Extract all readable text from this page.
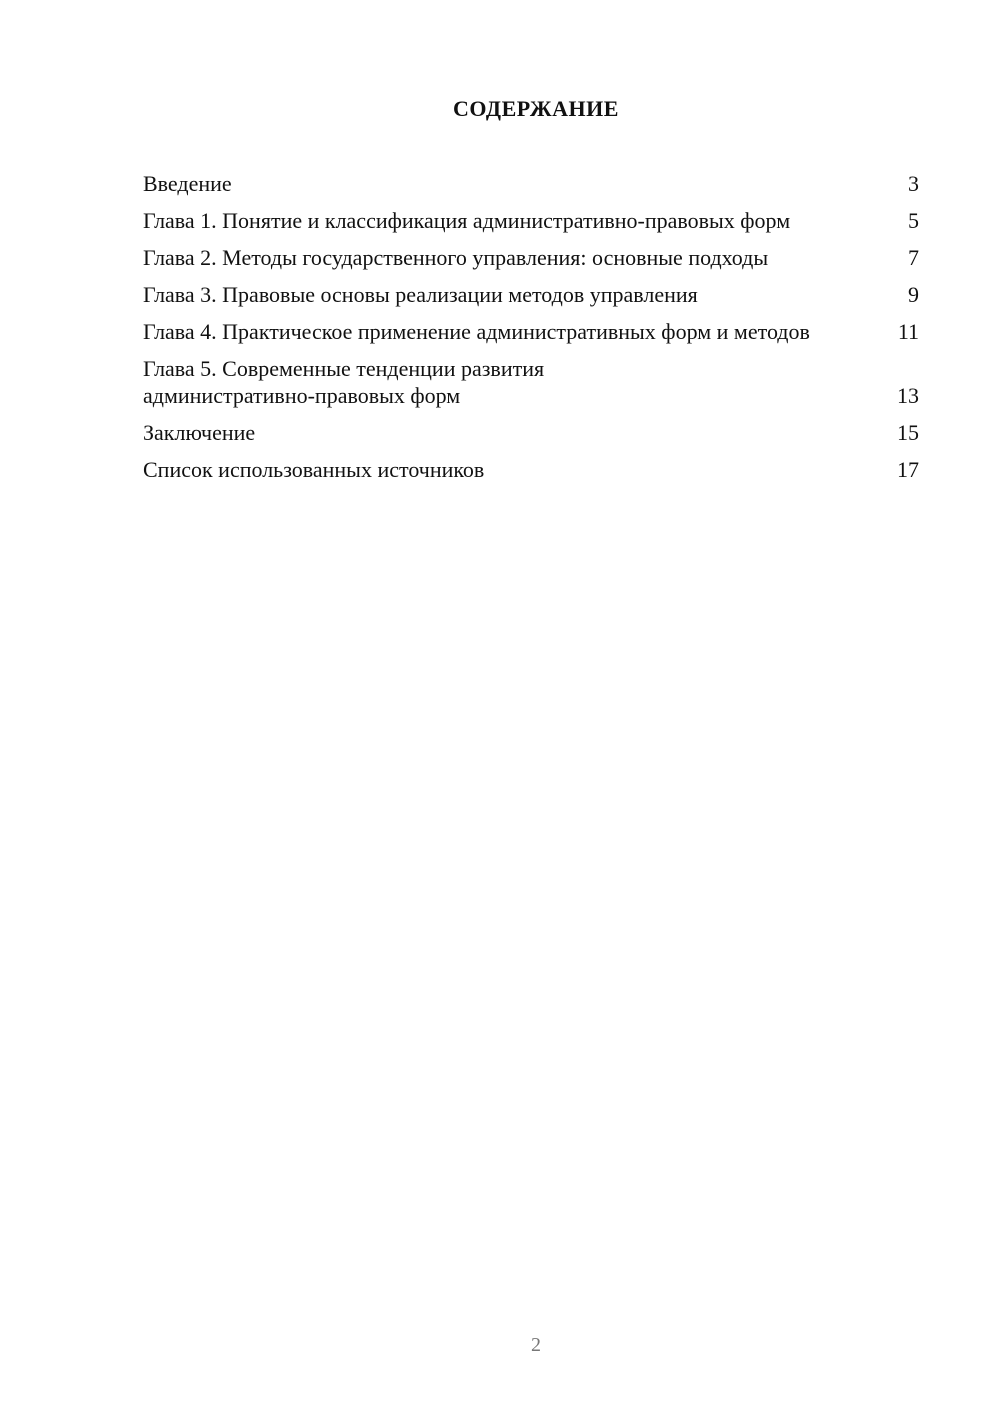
СОДЕРЖАНИЕ
Введение	3
Глава 1. Понятие и классификация административно-правовых форм	5
Глава 2. Методы государственного управления: основные подходы	7
Глава 3. Правовые основы реализации методов управления	9
Глава 4. Практическое применение административных форм и методов	11
Глава 5. Современные тенденции развития административно-правовых форм	13
Заключение	15
Список использованных источников	17
2
